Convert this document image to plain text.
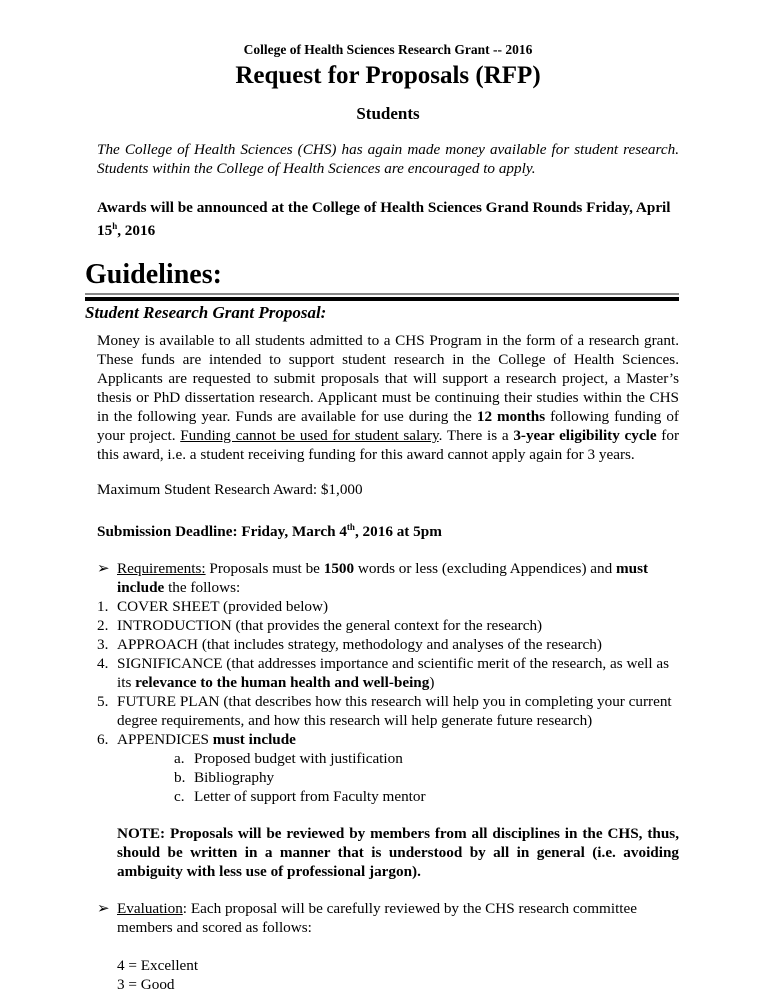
College of Health Sciences Research Grant -- 2016

Request for Proposals (RFP)

Students

The College of Health Sciences (CHS) has again made money available for student research. Students within the College of Health Sciences are encouraged to apply.

Awards will be announced at the College of Health Sciences Grand Rounds Friday, April 15$^h$, 2016

Guidelines:
Student Research Grant Proposal:

Money is available to all students admitted to a CHS Program in the form of a research grant. These funds are intended to support student research in the College of Health Sciences. Applicants are requested to submit proposals that will support a research project, a Master’s thesis or PhD dissertation research. Applicant must be continuing their studies within the CHS in the following year. Funds are available for use during the 12 months following funding of your project. Funding cannot be used for student salary. There is a 3-year eligibility cycle for this award, i.e. a student receiving funding for this award cannot apply again for 3 years.

Maximum Student Research Award: $1,000

Submission Deadline: Friday, March 4th, 2016 at 5pm

➢ Requirements: Proposals must be 1500 words or less (excluding Appendices) and must include the follows:
1. COVER SHEET (provided below)
2. INTRODUCTION (that provides the general context for the research)
3. APPROACH (that includes strategy, methodology and analyses of the research)
4. SIGNIFICANCE (that addresses importance and scientific merit of the research, as well as its relevance to the human health and well-being)
5. FUTURE PLAN (that describes how this research will help you in completing your current degree requirements, and how this research will help generate future research)
6. APPENDICES must include
a. Proposed budget with justification
b. Bibliography
c. Letter of support from Faculty mentor

NOTE: Proposals will be reviewed by members from all disciplines in the CHS, thus, should be written in a manner that is understood by all in general (i.e. avoiding ambiguity with less use of professional jargon).

➢ Evaluation: Each proposal will be carefully reviewed by the CHS research committee members and scored as follows:

4 = Excellent

3 = Good
